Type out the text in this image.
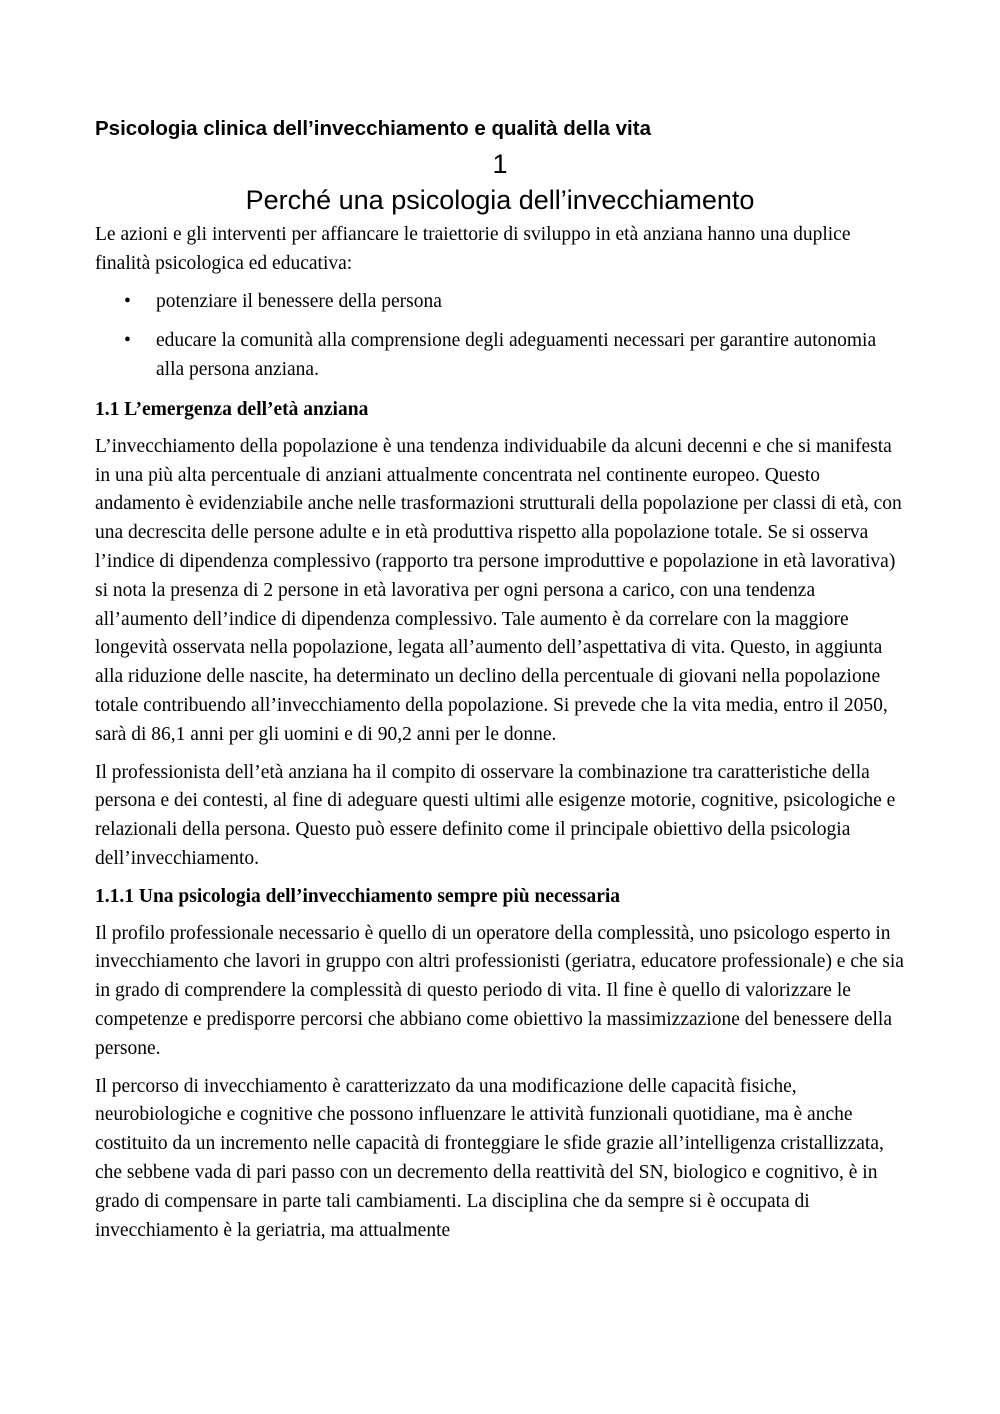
Psicologia clinica dell’invecchiamento e qualità della vita
1
Perché una psicologia dell’invecchiamento

Le azioni e gli interventi per affiancare le traiettorie di sviluppo in età anziana hanno una duplice finalità psicologica ed educativa:

• potenziare il benessere della persona
• educare la comunità alla comprensione degli adeguamenti necessari per garantire autonomia alla persona anziana.
1.1 L’emergenza dell’età anziana

L’invecchiamento della popolazione è una tendenza individuabile da alcuni decenni e che si manifesta in una più alta percentuale di anziani attualmente concentrata nel continente europeo. Questo andamento è evidenziabile anche nelle trasformazioni strutturali della popolazione per classi di età, con una decrescita delle persone adulte e in età produttiva rispetto alla popolazione totale. Se si osserva l’indice di dipendenza complessivo (rapporto tra persone improduttive e popolazione in età lavorativa) si nota la presenza di 2 persone in età lavorativa per ogni persona a carico, con una tendenza all’aumento dell’indice di dipendenza complessivo. Tale aumento è da correlare con la maggiore longevità osservata nella popolazione, legata all’aumento dell’aspettativa di vita. Questo, in aggiunta alla riduzione delle nascite, ha determinato un declino della percentuale di giovani nella popolazione totale contribuendo all’invecchiamento della popolazione. Si prevede che la vita media, entro il 2050, sarà di 86,1 anni per gli uomini e di 90,2 anni per le donne.

Il professionista dell’età anziana ha il compito di osservare la combinazione tra caratteristiche della persona e dei contesti, al fine di adeguare questi ultimi alle esigenze motorie, cognitive, psicologiche e relazionali della persona. Questo può essere definito come il principale obiettivo della psicologia dell’invecchiamento.

1.1.1 Una psicologia dell’invecchiamento sempre più necessaria

Il profilo professionale necessario è quello di un operatore della complessità, uno psicologo esperto in invecchiamento che lavori in gruppo con altri professionisti (geriatra, educatore professionale) e che sia in grado di comprendere la complessità di questo periodo di vita. Il fine è quello di valorizzare le competenze e predisporre percorsi che abbiano come obiettivo la massimizzazione del benessere della persone.

Il percorso di invecchiamento è caratterizzato da una modificazione delle capacità fisiche, neurobiologiche e cognitive che possono influenzare le attività funzionali quotidiane, ma è anche costituito da un incremento nelle capacità di fronteggiare le sfide grazie all’intelligenza cristallizzata, che sebbene vada di pari passo con un decremento della reattività del SN, biologico e cognitivo, è in grado di compensare in parte tali cambiamenti. La disciplina che da sempre si è occupata di invecchiamento è la geriatria, ma attualmente
